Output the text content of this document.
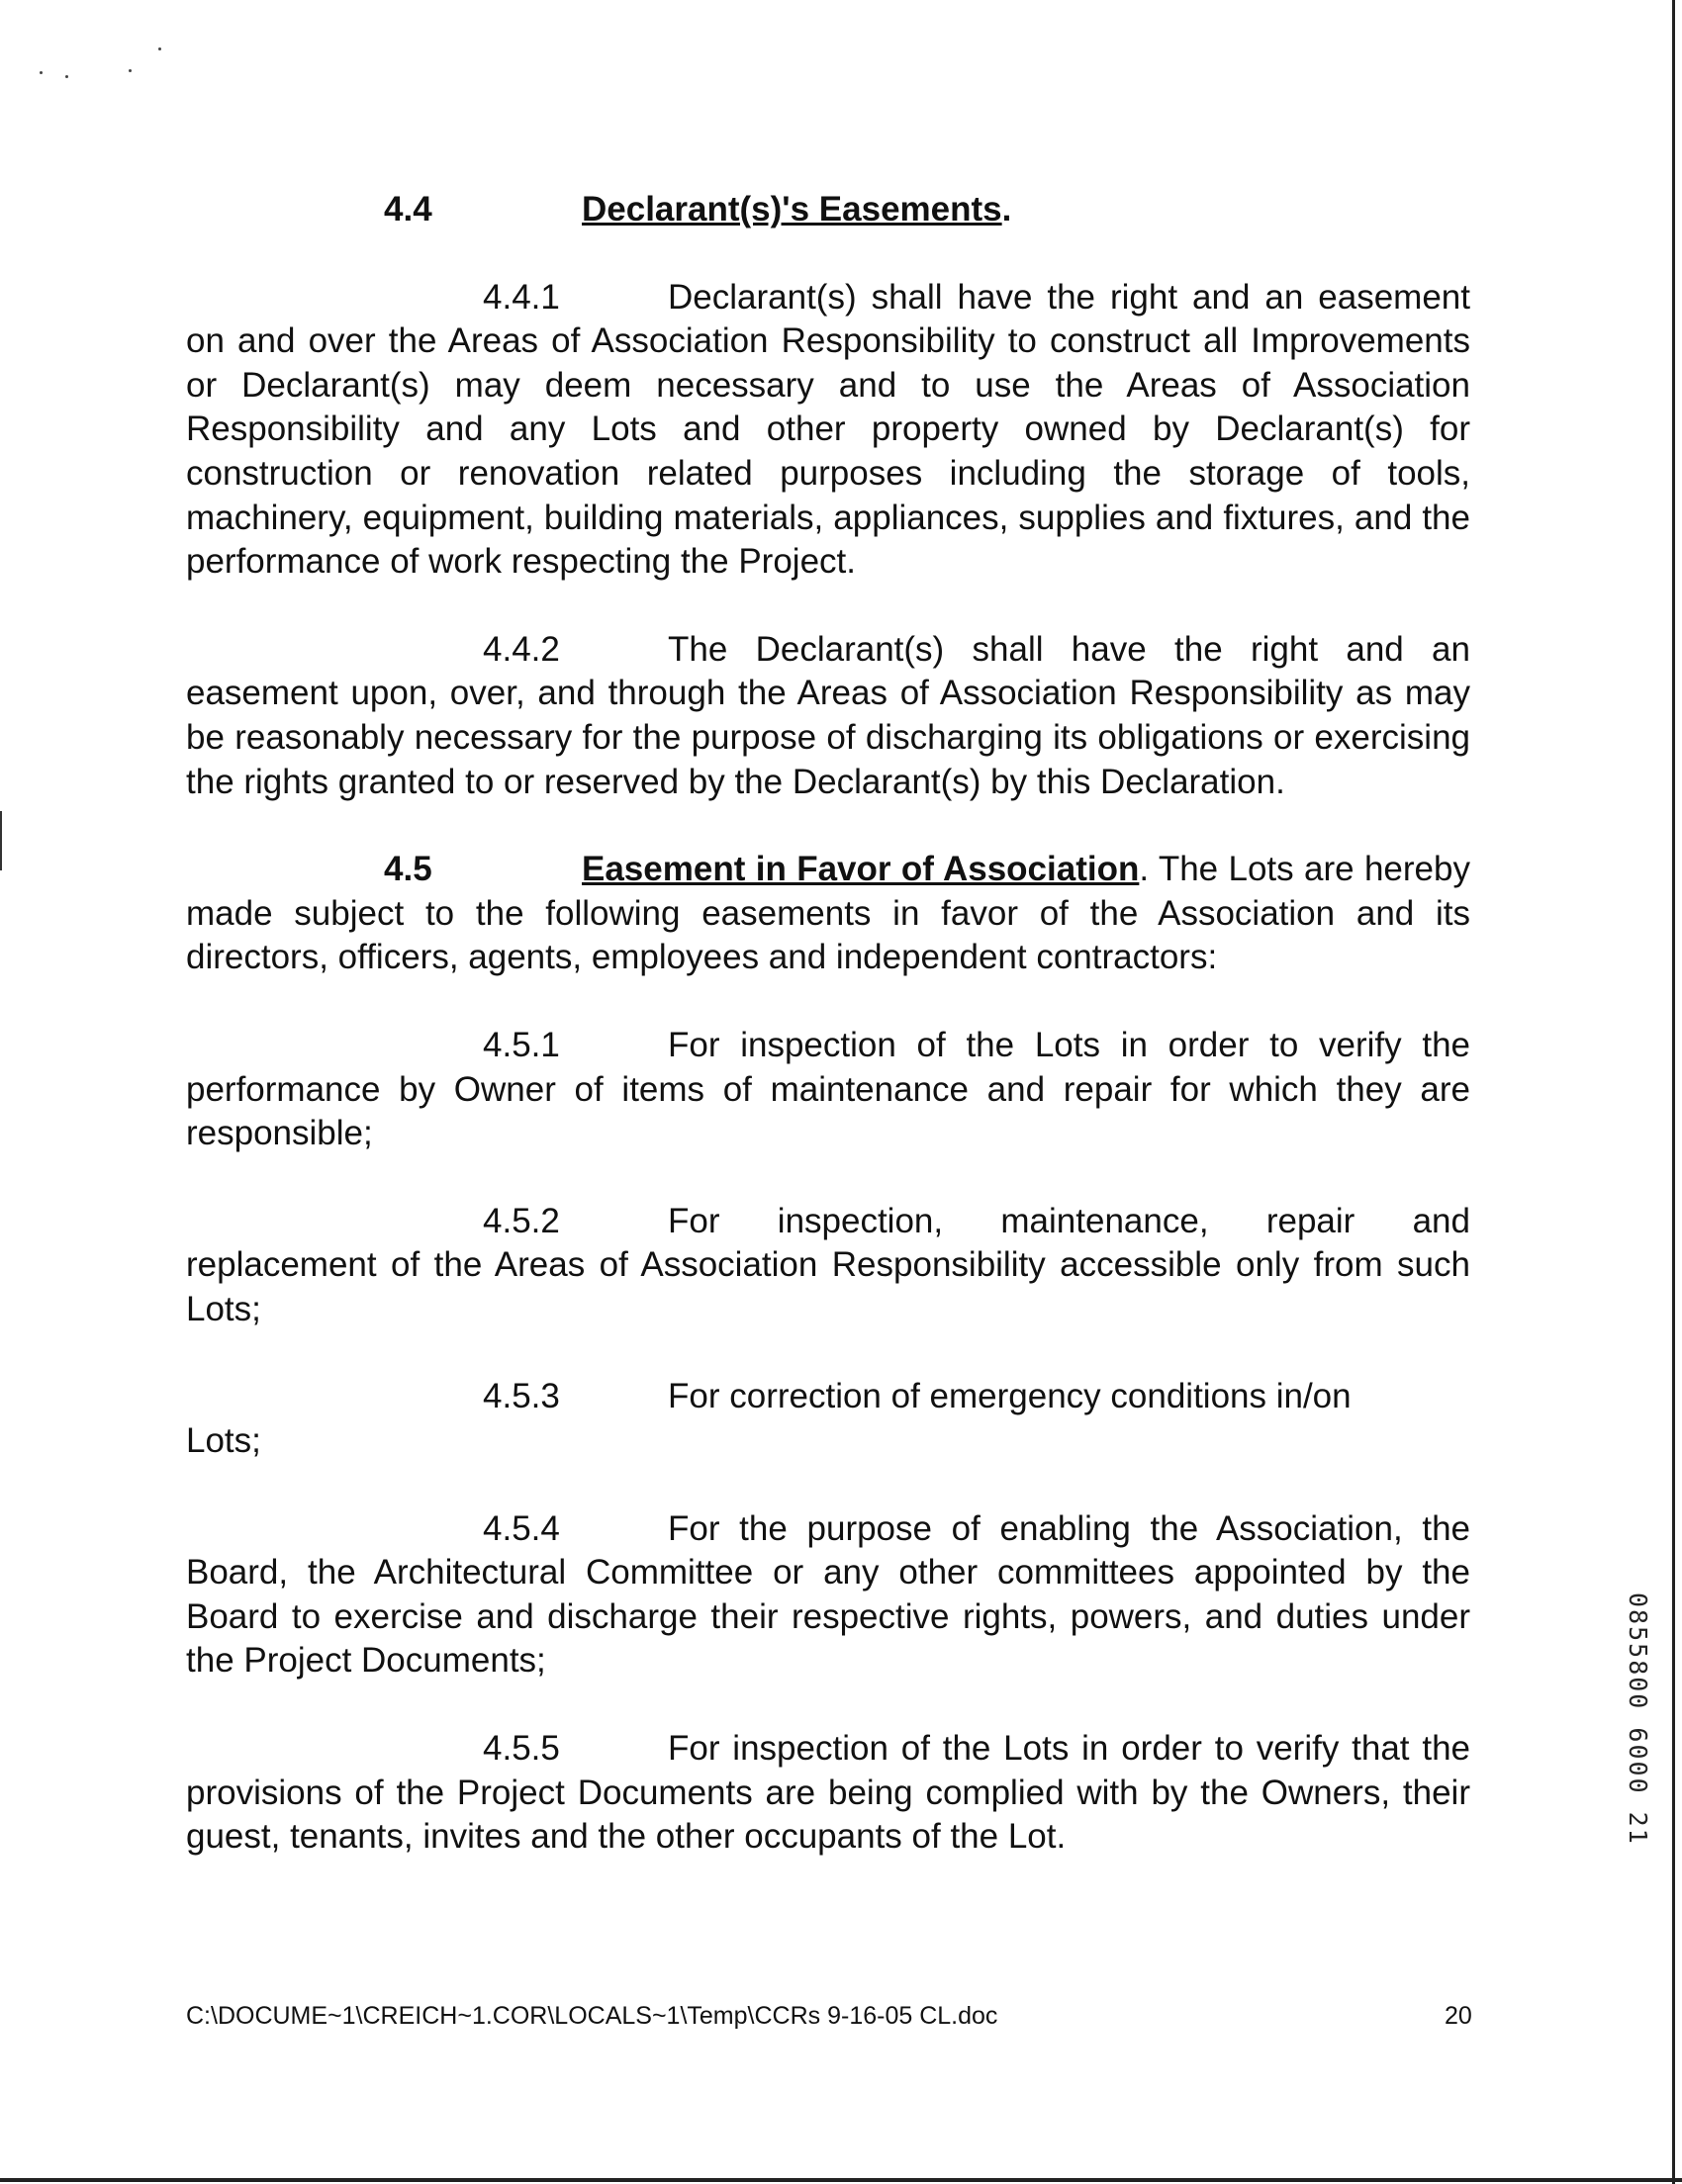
4.4	Declarant(s)'s Easements.

4.4.1	Declarant(s) shall have the right and an easement on and over the Areas of Association Responsibility to construct all Improvements or Declarant(s) may deem necessary and to use the Areas of Association Responsibility and any Lots and other property owned by Declarant(s) for construction or renovation related purposes including the storage of tools, machinery, equipment, building materials, appliances, supplies and fixtures, and the performance of work respecting the Project.

4.4.2	The Declarant(s) shall have the right and an easement upon, over, and through the Areas of Association Responsibility as may be reasonably necessary for the purpose of discharging its obligations or exercising the rights granted to or reserved by the Declarant(s) by this Declaration.

4.5	Easement in Favor of Association. The Lots are hereby made subject to the following easements in favor of the Association and its directors, officers, agents, employees and independent contractors:

4.5.1	For inspection of the Lots in order to verify the performance by Owner of items of maintenance and repair for which they are responsible;

4.5.2	For inspection, maintenance, repair and replacement of the Areas of Association Responsibility accessible only from such Lots;

4.5.3	For correction of emergency conditions in/on

Lots;

4.5.4	For the purpose of enabling the Association, the Board, the Architectural Committee or any other committees appointed by the Board to exercise and discharge their respective rights, powers, and duties under the Project Documents;

4.5.5	For inspection of the Lots in order to verify that the provisions of the Project Documents are being complied with by the Owners, their guest, tenants, invites and the other occupants of the Lot.

C:\DOCUME~1\CREICH~1.COR\LOCALS~1\Temp\CCRs 9-16-05 CL.doc	20
0855800 6000 21
